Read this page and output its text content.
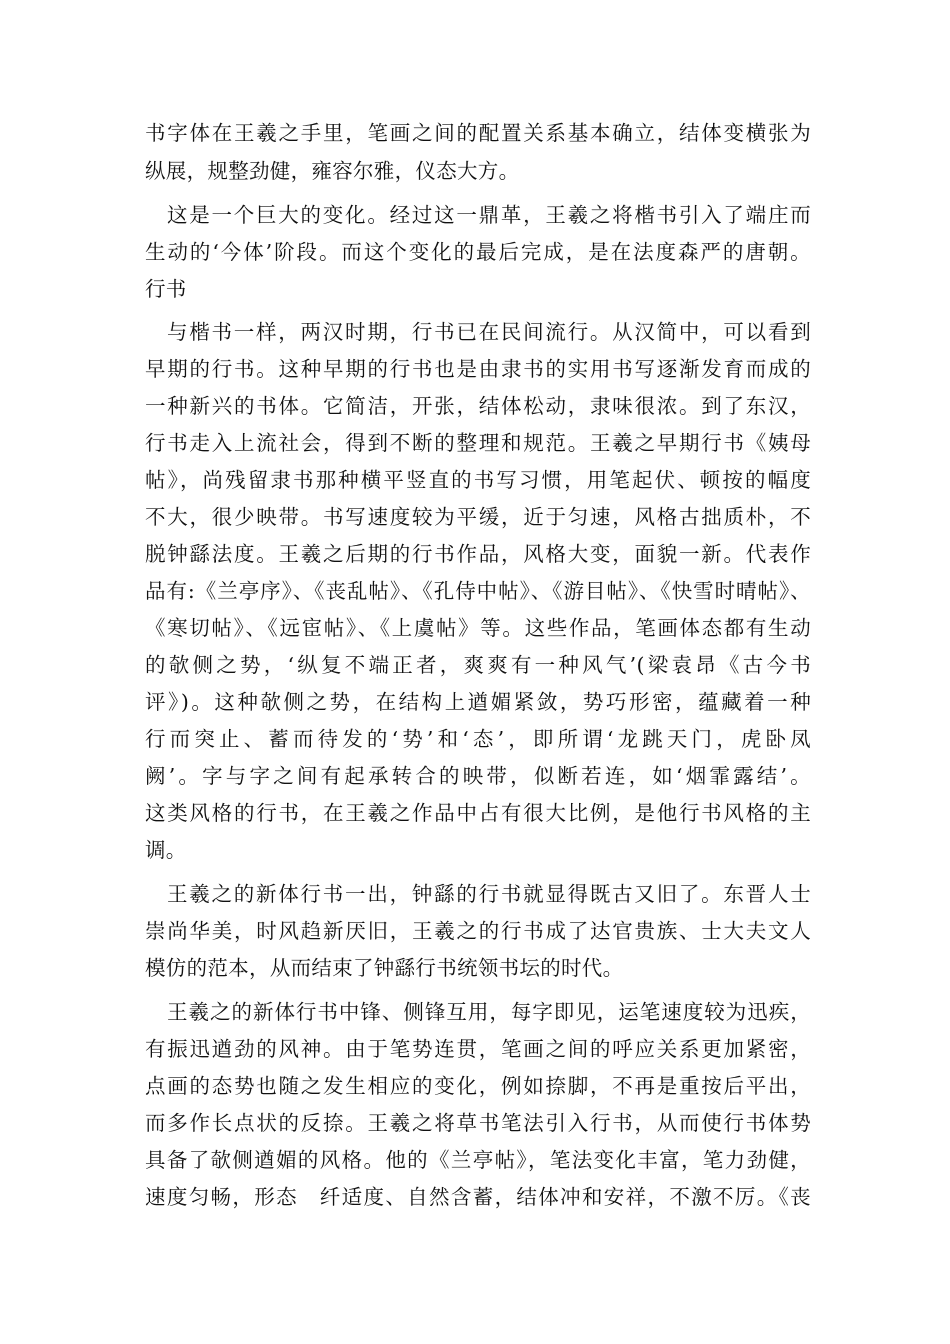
书字体在王羲之手里，笔画之间的配置关系基本确立，结体变横张为
纵展，规整劲健，雍容尔雅，仪态大方。
这是一个巨大的变化。经过这一鼎革，王羲之将楷书引入了端庄而
生动的‘今体’阶段。而这个变化的最后完成，是在法度森严的唐朝。
行书
与楷书一样，两汉时期，行书已在民间流行。从汉简中，可以看到
早期的行书。这种早期的行书也是由隶书的实用书写逐渐发育而成的
一种新兴的书体。它简洁，开张，结体松动，隶味很浓。到了东汉，
行书走入上流社会，得到不断的整理和规范。王羲之早期行书《姨母
帖》，尚残留隶书那种横平竖直的书写习惯，用笔起伏、顿按的幅度
不大，很少映带。书写速度较为平缓，近于匀速，风格古拙质朴，不
脱钟繇法度。王羲之后期的行书作品，风格大变，面貌一新。代表作
品有:《兰亭序》、《丧乱帖》、《孔侍中帖》、《游目帖》、《快雪时晴帖》、
《寒切帖》、《远宦帖》、《上虞帖》等。这些作品，笔画体态都有生动
的欹侧之势，‘纵复不端正者，爽爽有一种风气’(梁袁昂《古今书
评》)。这种欹侧之势，在结构上遒媚紧敛，势巧形密，蕴藏着一种
行而突止、蓄而待发的‘势’和‘态’，即所谓‘龙跳天门，虎卧凤
阙’。字与字之间有起承转合的映带，似断若连，如‘烟霏露结’。
这类风格的行书，在王羲之作品中占有很大比例，是他行书风格的主
调。
王羲之的新体行书一出，钟繇的行书就显得既古又旧了。东晋人士
崇尚华美，时风趋新厌旧，王羲之的行书成了达官贵族、士大夫文人
模仿的范本，从而结束了钟繇行书统领书坛的时代。
王羲之的新体行书中锋、侧锋互用，每字即见，运笔速度较为迅疾，
有振迅遒劲的风神。由于笔势连贯，笔画之间的呼应关系更加紧密，
点画的态势也随之发生相应的变化，例如捺脚，不再是重按后平出，
而多作长点状的反捺。王羲之将草书笔法引入行书，从而使行书体势
具备了欹侧遒媚的风格。他的《兰亭帖》，笔法变化丰富，笔力劲健，
速度匀畅，形态　纤适度、自然含蓄，结体冲和安祥，不激不厉。《丧
